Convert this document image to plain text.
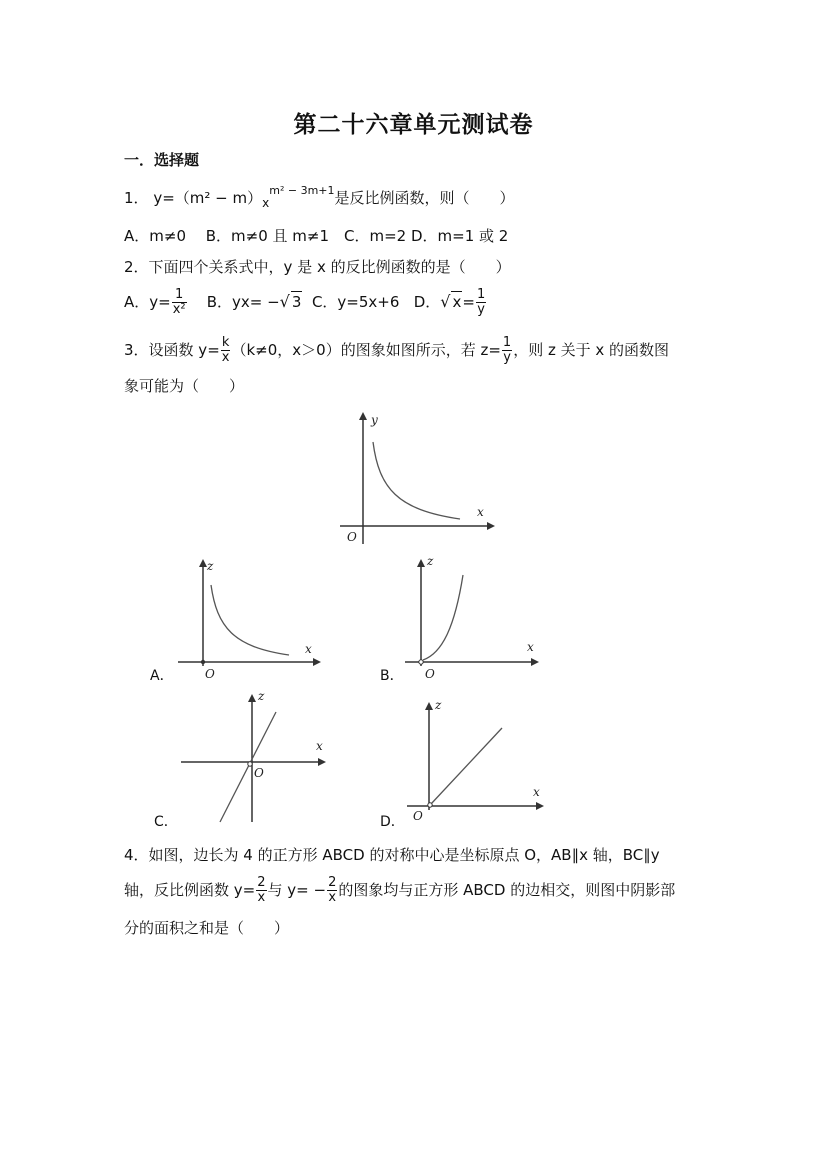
第二十六章单元测试卷
一．选择题
1． $y=(m^2 - m)_x^{m^2 - 3m+1}$是反比例函数，则（　　）
A．m≠0　 B．m≠0 且 m≠1　C．m=2 D．m=1 或 2
2．下面四个关系式中，y 是 x 的反比例函数的是（　　）
A．$y= \frac{1}{\text{x²}}$ B．yx= −√ 3 C．y=5x+6 D．√ $x= \frac{1}{y}$
3．设函数 $y= \frac{k}{x} (k\ne 0$，x＞0）的图象如图所示，若 $z= \frac{1}{y}$ ，则 z 关于 x 的函数图
象可能为（　　）
y
x
O
A．
z
x
O	B．
z
x
O
C．
z
x
O
D．
z
x
O
4．如图，边长为 4 的正方形 ABCD 的对称中心是坐标原点 O，AB∥x 轴，BC∥y
轴，反比例函数 $y= \frac{2}{x}$ 与 $y= - \frac{2}{x}$ 的图象均与正方形 ABCD 的边相交，则图中阴影部
分的面积之和是（　　）
